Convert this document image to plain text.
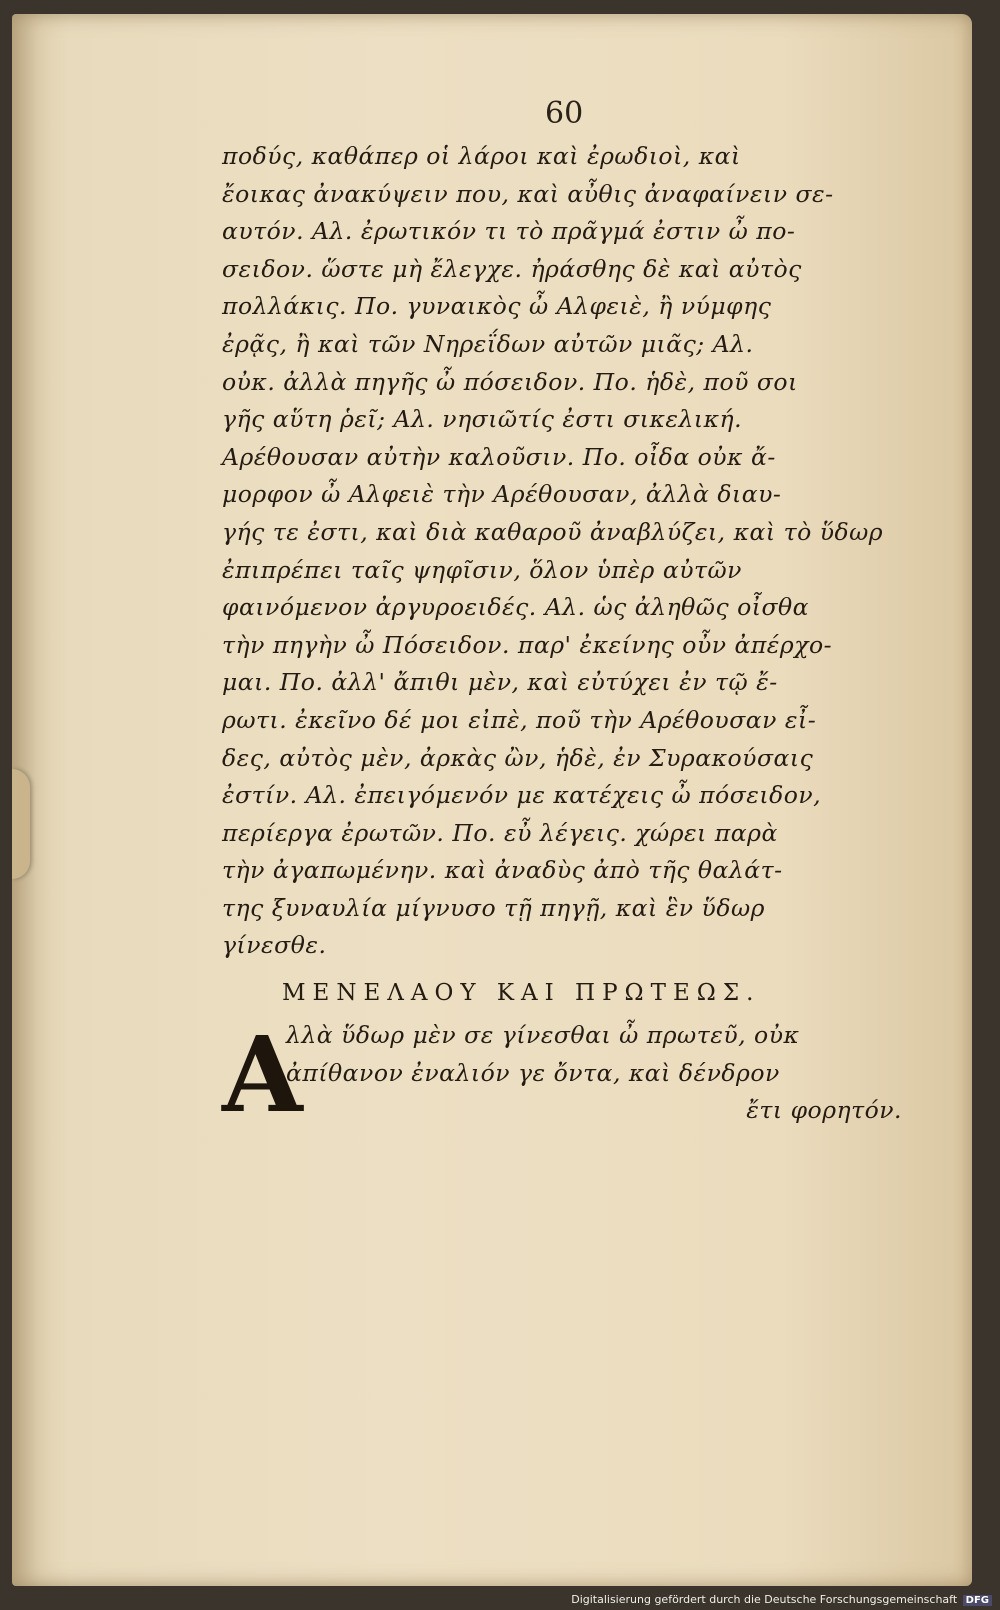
60
ποδύς, καθάπερ οἱ λάροι καὶ ἐρωδιοὶ, καὶ
ἔοικας ἀνακύψειν που, καὶ αὖθις ἀναφαίνειν σε-
αυτόν. Αλ. ἐρωτικόν τι τὸ πρᾶγμά ἐστιν ὦ πο-
σειδον. ὥστε μὴ ἔλεγχε. ἠράσθης δὲ καὶ αὐτὸς
πολλάκις. Πο. γυναικὸς ὦ Αλφειὲ, ἢ νύμφης
ἐρᾷς, ἢ καὶ τῶν Νηρεΐδων αὐτῶν μιᾶς; Αλ.
οὐκ. ἀλλὰ πηγῆς ὦ πόσειδον. Πο. ἡδὲ, ποῦ σοι
γῆς αὕτη ῥεῖ; Αλ. νησιῶτίς ἐστι σικελική.
Αρέθουσαν αὐτὴν καλοῦσιν. Πο. οἶδα οὐκ ἄ-
μορφον ὦ Αλφειὲ τὴν Αρέθουσαν, ἀλλὰ διαυ-
γής τε ἐστι, καὶ διὰ καθαροῦ ἀναβλύζει, καὶ τὸ ὕδωρ
ἐπιπρέπει ταῖς ψηφῖσιν, ὅλον ὑπὲρ αὐτῶν
φαινόμενον ἀργυροειδές. Αλ. ὡς ἀληθῶς οἶσθα
τὴν πηγὴν ὦ Πόσειδον. παρ' ἐκείνης οὖν ἀπέρχο-
μαι. Πο. ἀλλ' ἄπιθι μὲν, καὶ εὐτύχει ἐν τῷ ἔ-
ρωτι. ἐκεῖνο δέ μοι εἰπὲ, ποῦ τὴν Αρέθουσαν εἶ-
δες, αὐτὸς μὲν, ἀρκὰς ὢν, ἡδὲ, ἐν Συρακούσαις
ἐστίν. Αλ. ἐπειγόμενόν με κατέχεις ὦ πόσειδον,
περίεργα ἐρωτῶν. Πο. εὖ λέγεις. χώρει παρὰ
τὴν ἀγαπωμένην. καὶ ἀναδὺς ἀπὸ τῆς θαλάτ-
της ξυναυλία μίγνυσο τῇ πηγῇ, καὶ ἓν ὕδωρ
γίνεσθε.
ΜΕΝΕΛΑΟΥ ΚΑΙ ΠΡΩΤΕΩΣ.
A
λλὰ ὕδωρ μὲν σε γίνεσθαι ὦ πρωτεῦ, οὐκ
ἀπίθανον ἐναλιόν γε ὄντα, καὶ δένδρον
ἔτι φορητόν.
Digitalisierung gefördert durch die Deutsche Forschungsgemeinschaft DFG
